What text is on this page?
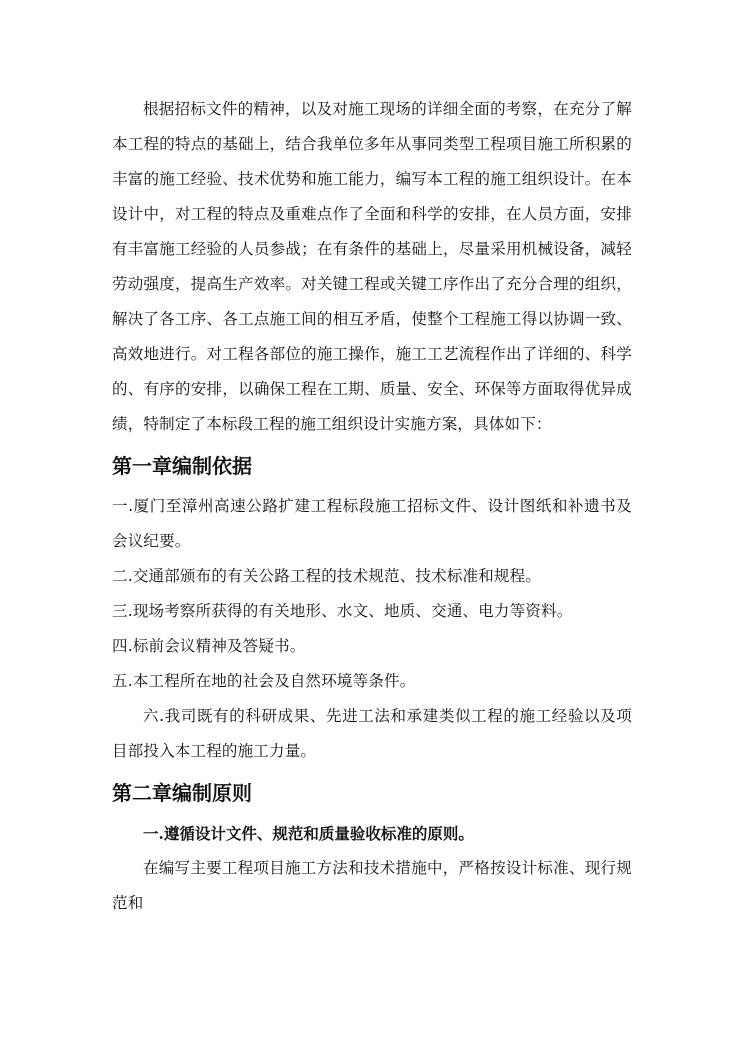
根据招标文件的精神，以及对施工现场的详细全面的考察，在充分了解本工程的特点的基础上，结合我单位多年从事同类型工程项目施工所积累的丰富的施工经验、技术优势和施工能力，编写本工程的施工组织设计。在本设计中，对工程的特点及重难点作了全面和科学的安排，在人员方面，安排有丰富施工经验的人员参战；在有条件的基础上，尽量采用机械设备，减轻劳动强度，提高生产效率。对关键工程或关键工序作出了充分合理的组织，解决了各工序、各工点施工间的相互矛盾，使整个工程施工得以协调一致、高效地进行。对工程各部位的施工操作，施工工艺流程作出了详细的、科学的、有序的安排，以确保工程在工期、质量、安全、环保等方面取得优异成绩，特制定了本标段工程的施工组织设计实施方案，具体如下：

第一章编制依据

一.厦门至漳州高速公路扩建工程标段施工招标文件、设计图纸和补遗书及会议纪要。

二.交通部颁布的有关公路工程的技术规范、技术标准和规程。

三.现场考察所获得的有关地形、水文、地质、交通、电力等资料。

四.标前会议精神及答疑书。

五.本工程所在地的社会及自然环境等条件。

六.我司既有的科研成果、先进工法和承建类似工程的施工经验以及项目部投入本工程的施工力量。

第二章编制原则

一.遵循设计文件、规范和质量验收标准的原则。

在编写主要工程项目施工方法和技术措施中，严格按设计标准、现行规范和
